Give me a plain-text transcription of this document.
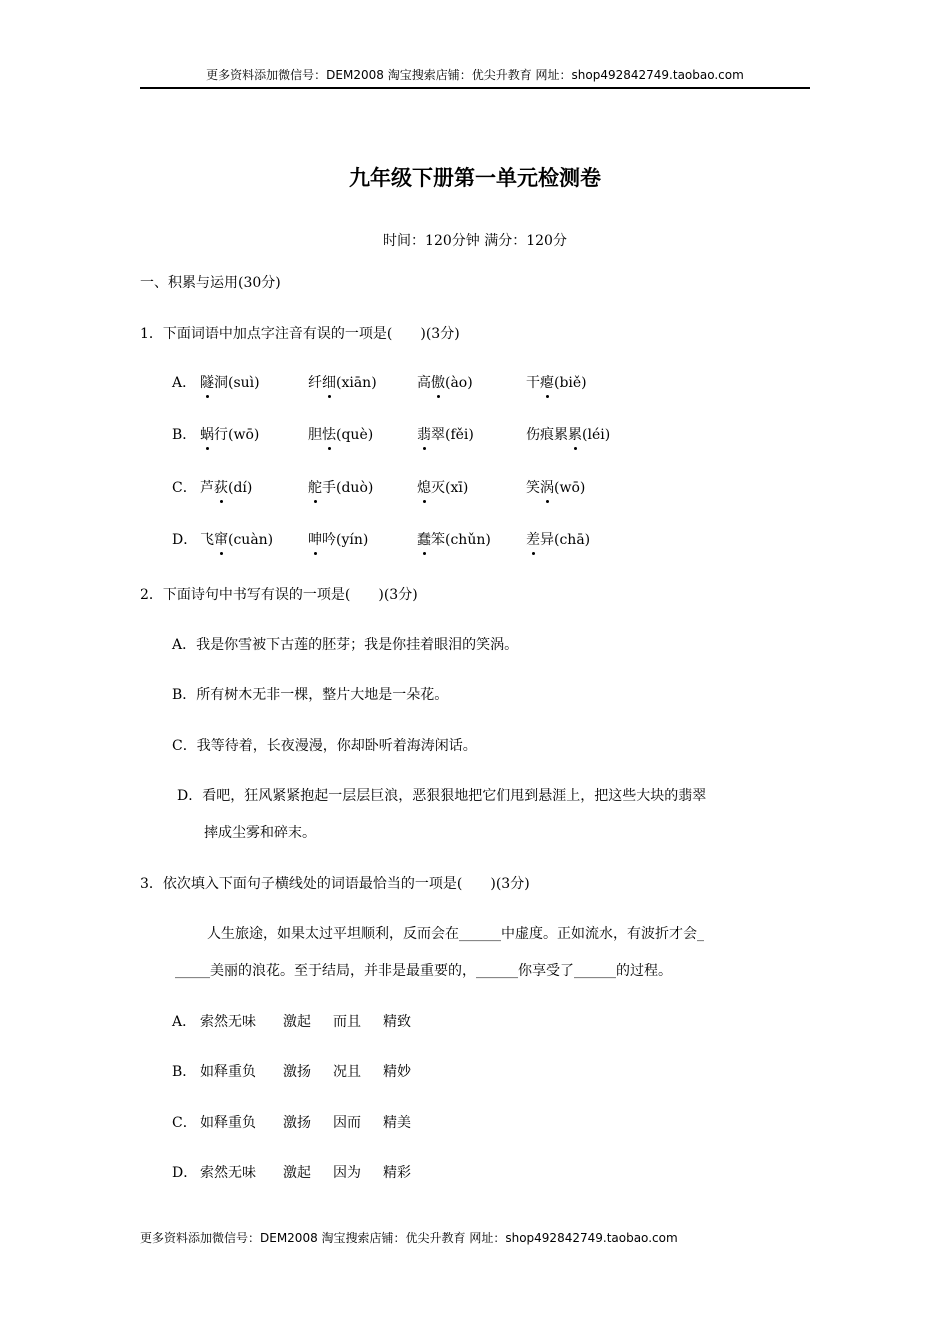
更多资料添加微信号：DEM2008 淘宝搜索店铺：优尖升教育 网址：shop492842749.taobao.com
九年级下册第一单元检测卷
时间：120分钟 满分：120分
一、积累与运用(30分)
1．下面词语中加点字注音有误的一项是(　　)(3分)
A． 隧洞(suì)	纤细(xiān)	高傲(ào)	干瘪(biě)
B． 蜗行(wō)	胆怯(què)	翡翠(fěi)	伤痕累累(léi)
C． 芦荻(dí)	舵手(duò)	熄灭(xī)	笑涡(wō)
D． 飞窜(cuàn) 呻吟(yín)	蠢笨(chǔn)	差异(chā)
2．下面诗句中书写有误的一项是(　　)(3分)
A．我是你雪被下古莲的胚芽；我是你挂着眼泪的笑涡。
B．所有树木无非一棵，整片大地是一朵花。
C．我等待着，长夜漫漫，你却卧听着海涛闲话。
D．看吧，狂风紧紧抱起一层层巨浪，恶狠狠地把它们甩到悬涯上，把这些大块的翡翠
摔成尘雾和碎末。
3．依次填入下面句子横线处的词语最恰当的一项是(　　)(3分)
人生旅途，如果太过平坦顺利，反而会在______中虚度。正如流水，有波折才会_
_____美丽的浪花。至于结局，并非是最重要的，______你享受了______的过程。
A． 索然无味 激起 而且 精致
B． 如释重负 激扬 况且 精妙
C． 如释重负 激扬 因而 精美
D． 索然无味 激起 因为 精彩
更多资料添加微信号：DEM2008 淘宝搜索店铺：优尖升教育 网址：shop492842749.taobao.com
